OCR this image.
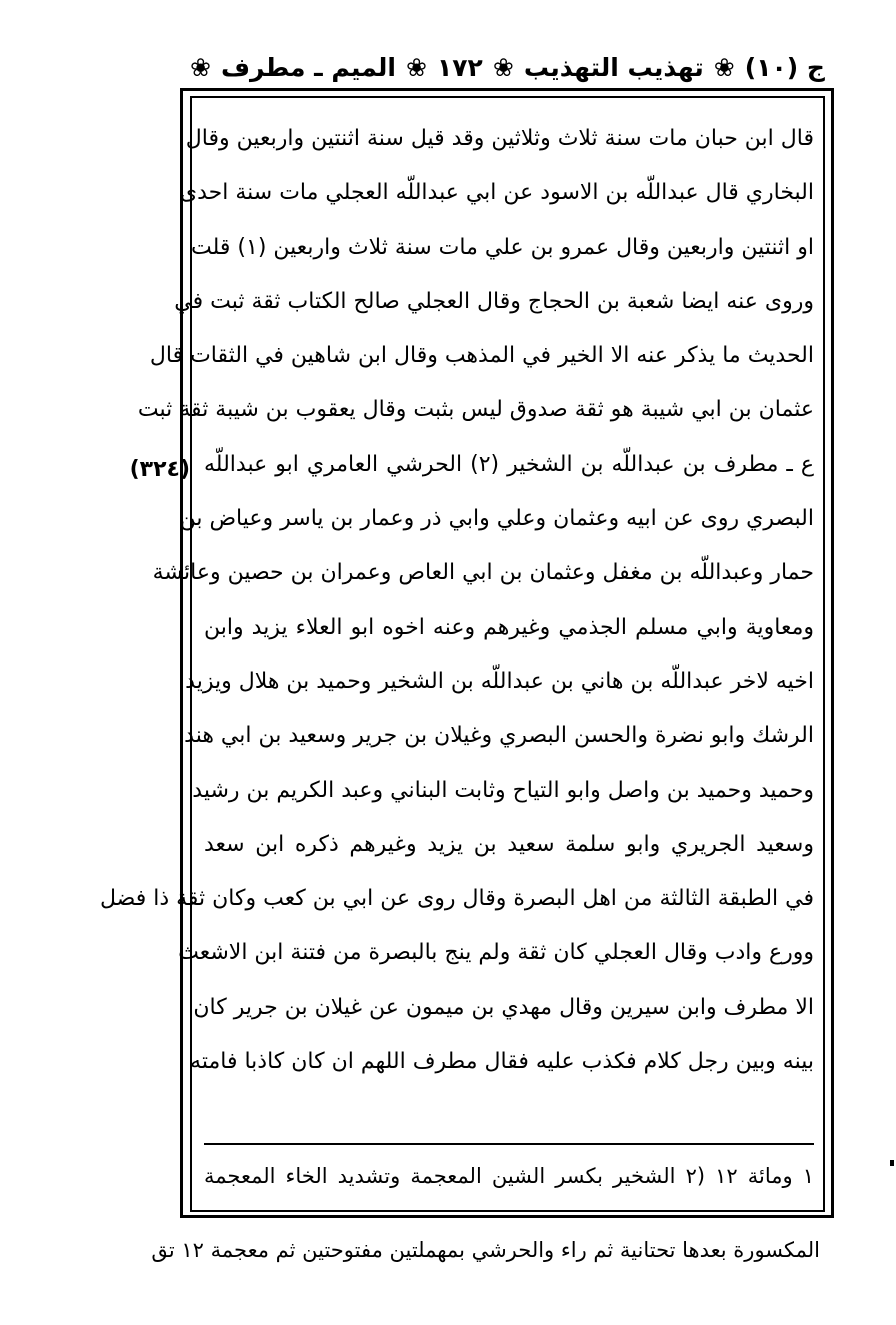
ج (١٠) ❀ تهذيب التهذيب ❀ ١٧٢ ❀ الميم ـ مطرف ❀
(٣٢٤)
قال ابن حبان مات سنة ثلاث وثلاثين وقد قيل سنة اثنتين واربعين وقال
البخاري قال عبداللّه بن الاسود عن ابي عبداللّه العجلي مات سنة احدى
او اثنتين واربعين وقال عمرو بن علي مات سنة ثلاث واربعين (١) قلت
وروى عنه ايضا شعبة بن الحجاج وقال العجلي صالح الكتاب ثقة ثبت في
الحديث ما يذكر عنه الا الخير في المذهب وقال ابن شاهين في الثقات قال
عثمان بن ابي شيبة هو ثقة صدوق ليس بثبت وقال يعقوب بن شيبة ثقة ثبت
ع ـ مطرف بن عبداللّه بن الشخير (٢) الحرشي العامري ابو عبداللّه
البصري روى عن ابيه وعثمان وعلي وابي ذر وعمار بن ياسر وعياض بن
حمار وعبداللّه بن مغفل وعثمان بن ابي العاص وعمران بن حصين وعائشة
ومعاوية وابي مسلم الجذمي وغيرهم وعنه اخوه ابو العلاء يزيد وابن
اخيه لاخر عبداللّه بن هاني بن عبداللّه بن الشخير وحميد بن هلال ويزيد
الرشك وابو نضرة والحسن البصري وغيلان بن جرير وسعيد بن ابي هند
وحميد وحميد بن واصل وابو التياح وثابت البناني وعبد الكريم بن رشيد
وسعيد الجريري وابو سلمة سعيد بن يزيد وغيرهم ذكره ابن سعد
في الطبقة الثالثة من اهل البصرة وقال روى عن ابي بن كعب وكان ثقة ذا فضل
وورع وادب وقال العجلي كان ثقة ولم ينج بالبصرة من فتنة ابن الاشعث
الا مطرف وابن سيرين وقال مهدي بن ميمون عن غيلان بن جرير كان
بينه وبين رجل كلام فكذب عليه فقال مطرف اللهم ان كان كاذبا فامته
١ ومائة ١٢ (٢ الشخير بكسر الشين المعجمة وتشديد الخاء المعجمة
المكسورة بعدها تحتانية ثم راء والحرشي بمهملتين مفتوحتين ثم معجمة ١٢ تق
